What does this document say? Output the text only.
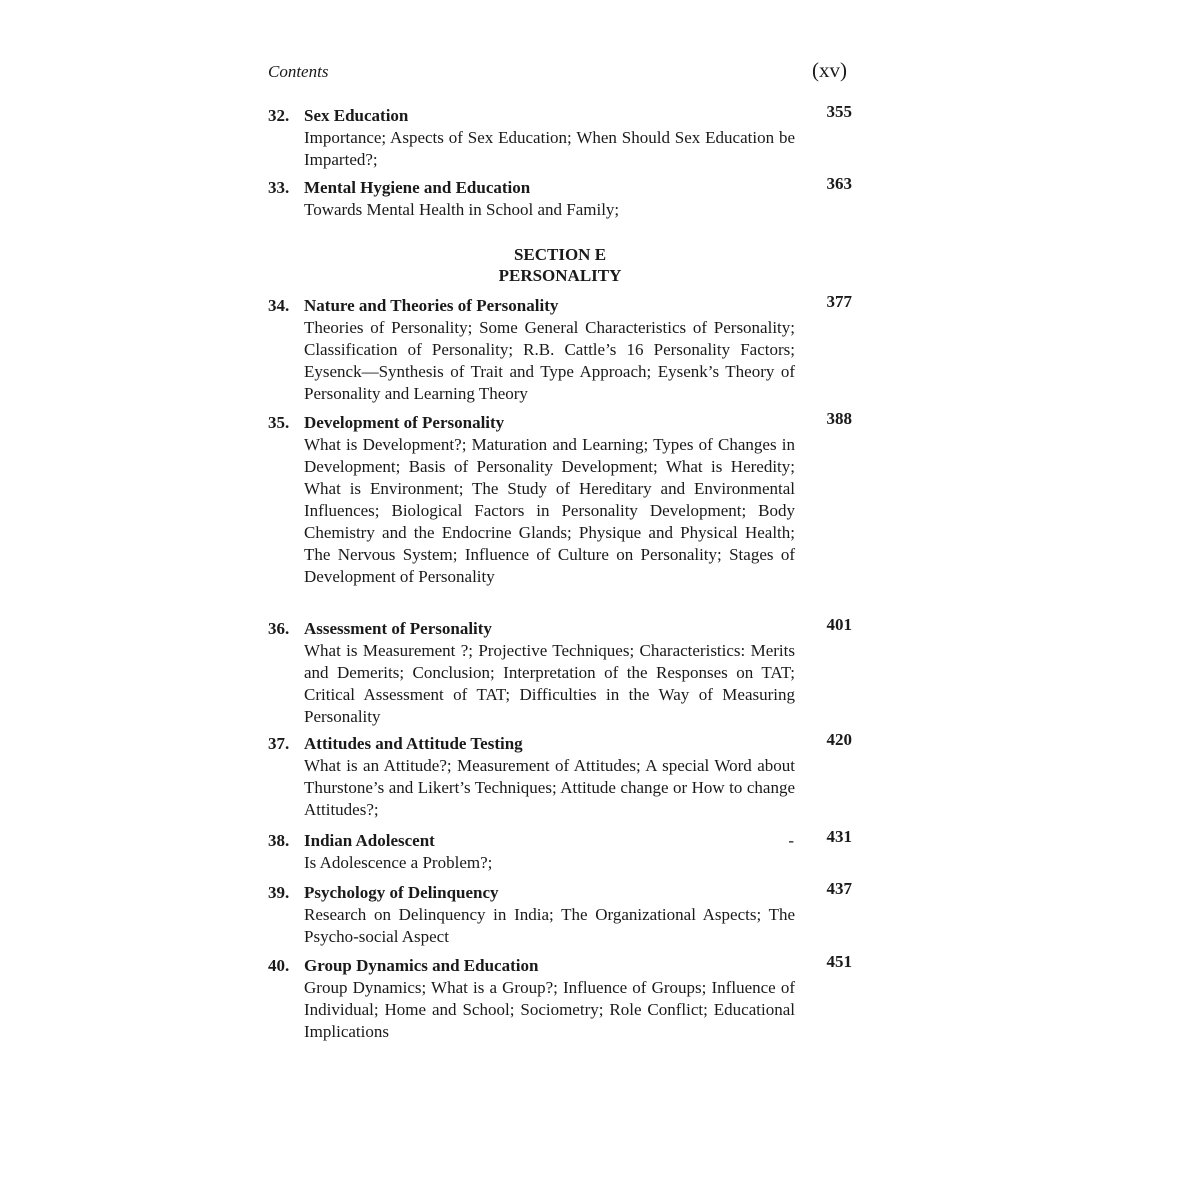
Contents	(xv)
32. Sex Education	355
Importance; Aspects of Sex Education; When Should Sex Education be Imparted?;
33. Mental Hygiene and Education	363
Towards Mental Health in School and Family;
SECTION E
PERSONALITY
34. Nature and Theories of Personality	377
Theories of Personality; Some General Characteristics of Personality; Classification of Personality; R.B. Cattle’s 16 Personality Factors; Eysenck—Synthesis of Trait and Type Approach; Eysenk’s Theory of Personality and Learning Theory
35. Development of Personality	388
What is Development?; Maturation and Learning; Types of Changes in Development; Basis of Personality Development; What is Heredity; What is Environment; The Study of Hereditary and Environmental Influences; Biological Factors in Personality Development; Body Chemistry and the Endocrine Glands; Physique and Physical Health; The Nervous System; Influence of Culture on Personality; Stages of Development of Personality
36. Assessment of Personality	401
What is Measurement ?; Projective Techniques; Characteristics: Merits and Demerits; Conclusion; Interpretation of the Responses on TAT; Critical Assessment of TAT; Difficulties in the Way of Measuring Personality
37. Attitudes and Attitude Testing	420
What is an Attitude?; Measurement of Attitudes; A special Word about Thurstone’s and Likert’s Techniques; Attitude change or How to change Attitudes?;
38. Indian Adolescent	- 431
Is Adolescence a Problem?;
39. Psychology of Delinquency	437
Research on Delinquency in India; The Organizational Aspects; The Psycho-social Aspect
40. Group Dynamics and Education	451
Group Dynamics; What is a Group?; Influence of Groups; Influence of Individual; Home and School; Sociometry; Role Conflict; Educational Implications
